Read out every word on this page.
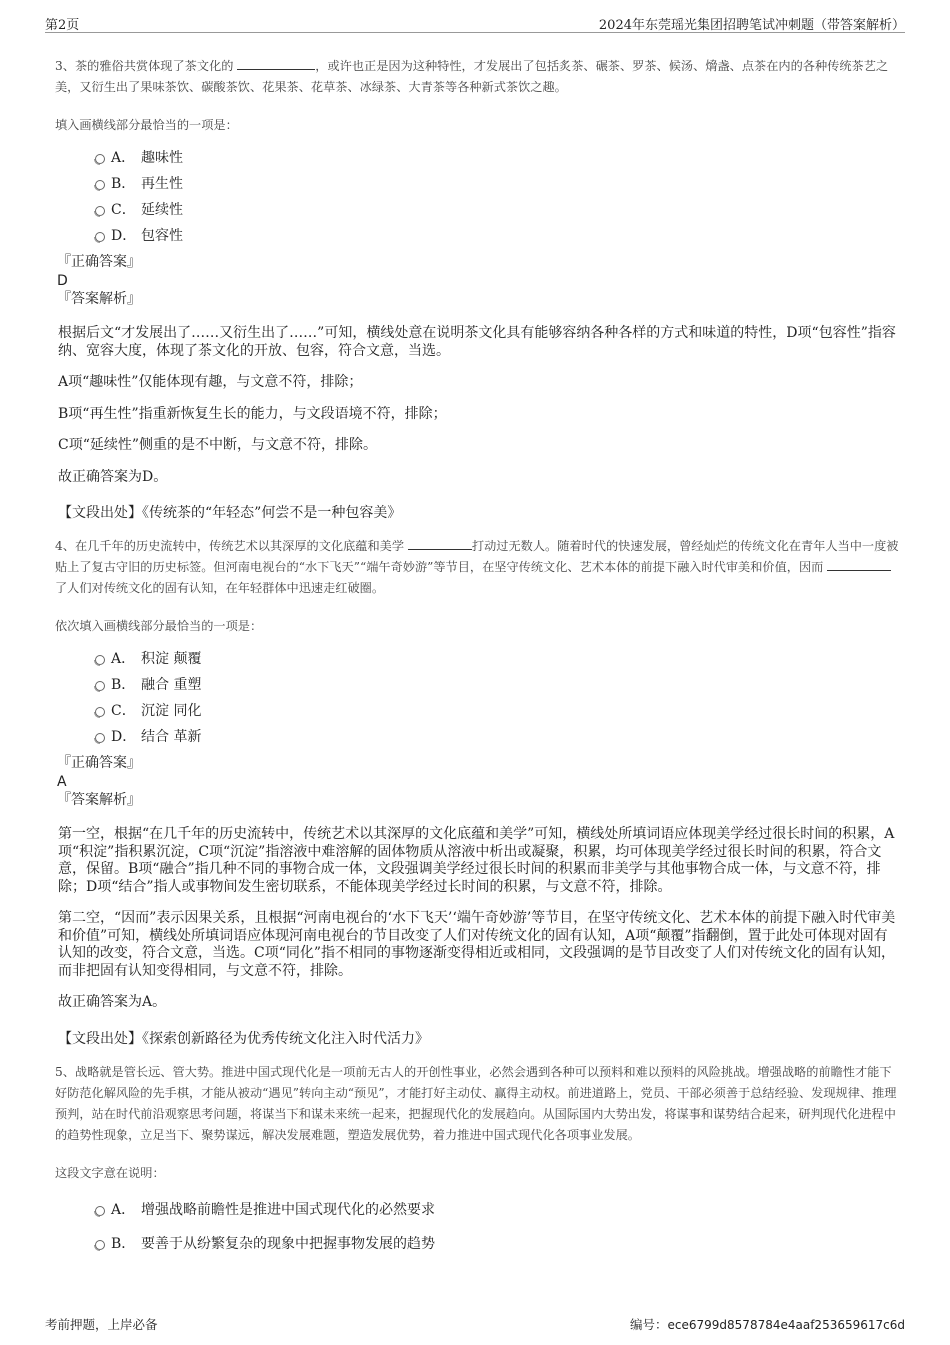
第2页	2024年东莞瑶光集团招聘笔试冲刺题（带答案解析）

3、茶的雅俗共赏体现了茶文化的	，或许也正是因为这种特性，才发展出了包括炙茶、碾茶、罗茶、候汤、熁盏、点茶在内的各种传统茶艺之美，又衍生出了果味茶饮、碳酸茶饮、花果茶、花草茶、冰绿茶、大青茶等各种新式茶饮之趣。

填入画横线部分最恰当的一项是：
A． 趣味性
B． 再生性
C． 延续性
D． 包容性
『正确答案』
D
『答案解析』
根据后文“才发展出了……又衍生出了……”可知，横线处意在说明茶文化具有能够容纳各种各样的方式和味道的特性，D项“包容性”指容纳、宽容大度，体现了茶文化的开放、包容，符合文意，当选。
A项“趣味性”仅能体现有趣，与文意不符，排除；
B项“再生性”指重新恢复生长的能力，与文段语境不符，排除；
C项“延续性”侧重的是不中断，与文意不符，排除。
故正确答案为D。
【文段出处】《传统茶的“年轻态”何尝不是一种包容美》

4、在几千年的历史流转中，传统艺术以其深厚的文化底蕴和美学	打动过无数人。随着时代的快速发展，曾经灿烂的传统文化在青年人当中一度被贴上了复古守旧的历史标签。但河南电视台的“水下飞天”“端午奇妙游”等节目，在坚守传统文化、艺术本体的前提下融入时代审美和价值，因而 了人们对传统文化的固有认知，在年轻群体中迅速走红破圈。

依次填入画横线部分最恰当的一项是：
A． 积淀 颠覆
B． 融合 重塑
C． 沉淀 同化
D． 结合 革新
『正确答案』
A
『答案解析』
第一空，根据“在几千年的历史流转中，传统艺术以其深厚的文化底蕴和美学”可知，横线处所填词语应体现美学经过很长时间的积累，A项“积淀”指积累沉淀，C项“沉淀”指溶液中难溶解的固体物质从溶液中析出或凝聚，积累，均可体现美学经过很长时间的积累，符合文意，保留。B项“融合”指几种不同的事物合成一体，文段强调美学经过很长时间的积累而非美学与其他事物合成一体，与文意不符，排除；D项“结合”指人或事物间发生密切联系，不能体现美学经过长时间的积累，与文意不符，排除。
第二空，“因而”表示因果关系，且根据“河南电视台的‘水下飞天’‘端午奇妙游’等节目，在坚守传统文化、艺术本体的前提下融入时代审美和价值”可知，横线处所填词语应体现河南电视台的节目改变了人们对传统文化的固有认知，A项“颠覆”指翻倒，置于此处可体现对固有认知的改变，符合文意，当选。C项“同化”指不相同的事物逐渐变得相近或相同，文段强调的是节目改变了人们对传统文化的固有认知，而非把固有认知变得相同，与文意不符，排除。
故正确答案为A。
【文段出处】《探索创新路径为优秀传统文化注入时代活力》

5、战略就是管长远、管大势。推进中国式现代化是一项前无古人的开创性事业，必然会遇到各种可以预料和难以预料的风险挑战。增强战略的前瞻性才能下好防范化解风险的先手棋，才能从被动“遇见”转向主动“预见”，才能打好主动仗、赢得主动权。前进道路上，党员、干部必须善于总结经验、发现规律、推理预判，站在时代前沿观察思考问题，将谋当下和谋未来统一起来，把握现代化的发展趋向。从国际国内大势出发，将谋事和谋势结合起来，研判现代化进程中的趋势性现象，立足当下、聚势谋远，解决发展难题，塑造发展优势，着力推进中国式现代化各项事业发展。

这段文字意在说明：
A． 增强战略前瞻性是推进中国式现代化的必然要求
B． 要善于从纷繁复杂的现象中把握事物发展的趋势
考前押题，上岸必备	编号：ece6799d8578784e4aaf253659617c6d
